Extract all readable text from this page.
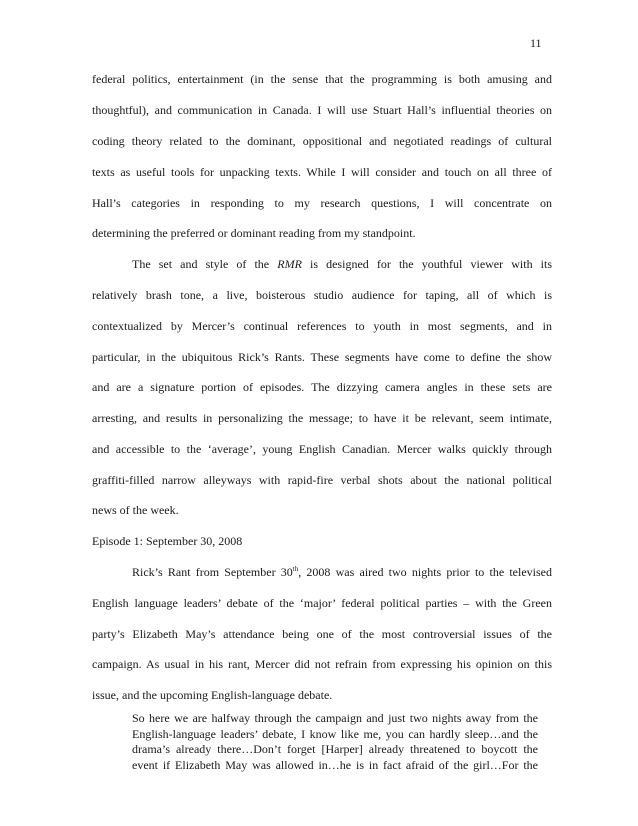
11
federal politics, entertainment (in the sense that the programming is both amusing and
thoughtful), and communication in Canada. I will use Stuart Hall’s influential theories on
coding theory related to the dominant, oppositional and negotiated readings of cultural
texts as useful tools for unpacking texts. While I will consider and touch on all three of
Hall’s categories in responding to my research questions, I will concentrate on
determining the preferred or dominant reading from my standpoint.
The set and style of the RMR is designed for the youthful viewer with its
relatively brash tone, a live, boisterous studio audience for taping, all of which is
contextualized by Mercer’s continual references to youth in most segments, and in
particular, in the ubiquitous Rick’s Rants. These segments have come to define the show
and are a signature portion of episodes. The dizzying camera angles in these sets are
arresting, and results in personalizing the message; to have it be relevant, seem intimate,
and accessible to the ‘average’, young English Canadian. Mercer walks quickly through
graffiti-filled narrow alleyways with rapid-fire verbal shots about the national political
news of the week.
Episode 1: September 30, 2008
Rick’s Rant from September 30th, 2008 was aired two nights prior to the televised
English language leaders’ debate of the ‘major’ federal political parties – with the Green
party’s Elizabeth May’s attendance being one of the most controversial issues of the
campaign. As usual in his rant, Mercer did not refrain from expressing his opinion on this
issue, and the upcoming English-language debate.
So here we are halfway through the campaign and just two nights away from the
English-language leaders’ debate, I know like me, you can hardly sleep…and the
drama’s already there…Don’t forget [Harper] already threatened to boycott the
event if Elizabeth May was allowed in…he is in fact afraid of the girl…For the
